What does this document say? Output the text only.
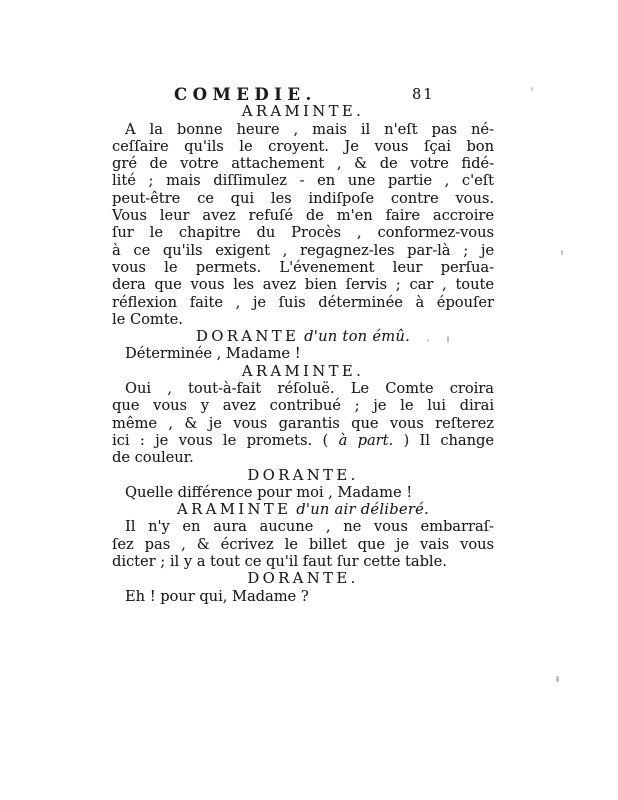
COMEDIE.	81
ARAMINTE.
A la bonne heure , mais il n'eſt pas né-
ceſſaire qu'ils le croyent. Je vous ſçai bon
gré de votre attachement , & de votre fidé-
lité ; mais diſſimulez - en une partie , c'eſt
peut-être ce qui les indiſpoſe contre vous.
Vous leur avez refuſé de m'en faire accroire
ſur le chapitre du Procès , conformez-vous
à ce qu'ils exigent , regagnez-les par-là ; je
vous le permets. L'évenement leur perſua-
dera que vous les avez bien ſervis ; car , toute
réflexion faite , je ſuis déterminée à épouſer
le Comte.
DORANTE d'un ton émû.
Déterminée , Madame !
ARAMINTE.
Oui , tout-à-fait réſoluë. Le Comte croira
que vous y avez contribué ; je le lui dirai
même , & je vous garantis que vous reſterez
ici : je vous le promets. ( à part. ) Il change
de couleur.
DORANTE.
Quelle différence pour moi , Madame !
ARAMINTE d'un air déliberé.
Il n'y en aura aucune , ne vous embarraſ-
ſez pas , & écrivez le billet que je vais vous
dicter ; il y a tout ce qu'il faut ſur cette table.
DORANTE.
Eh ! pour qui, Madame ?
